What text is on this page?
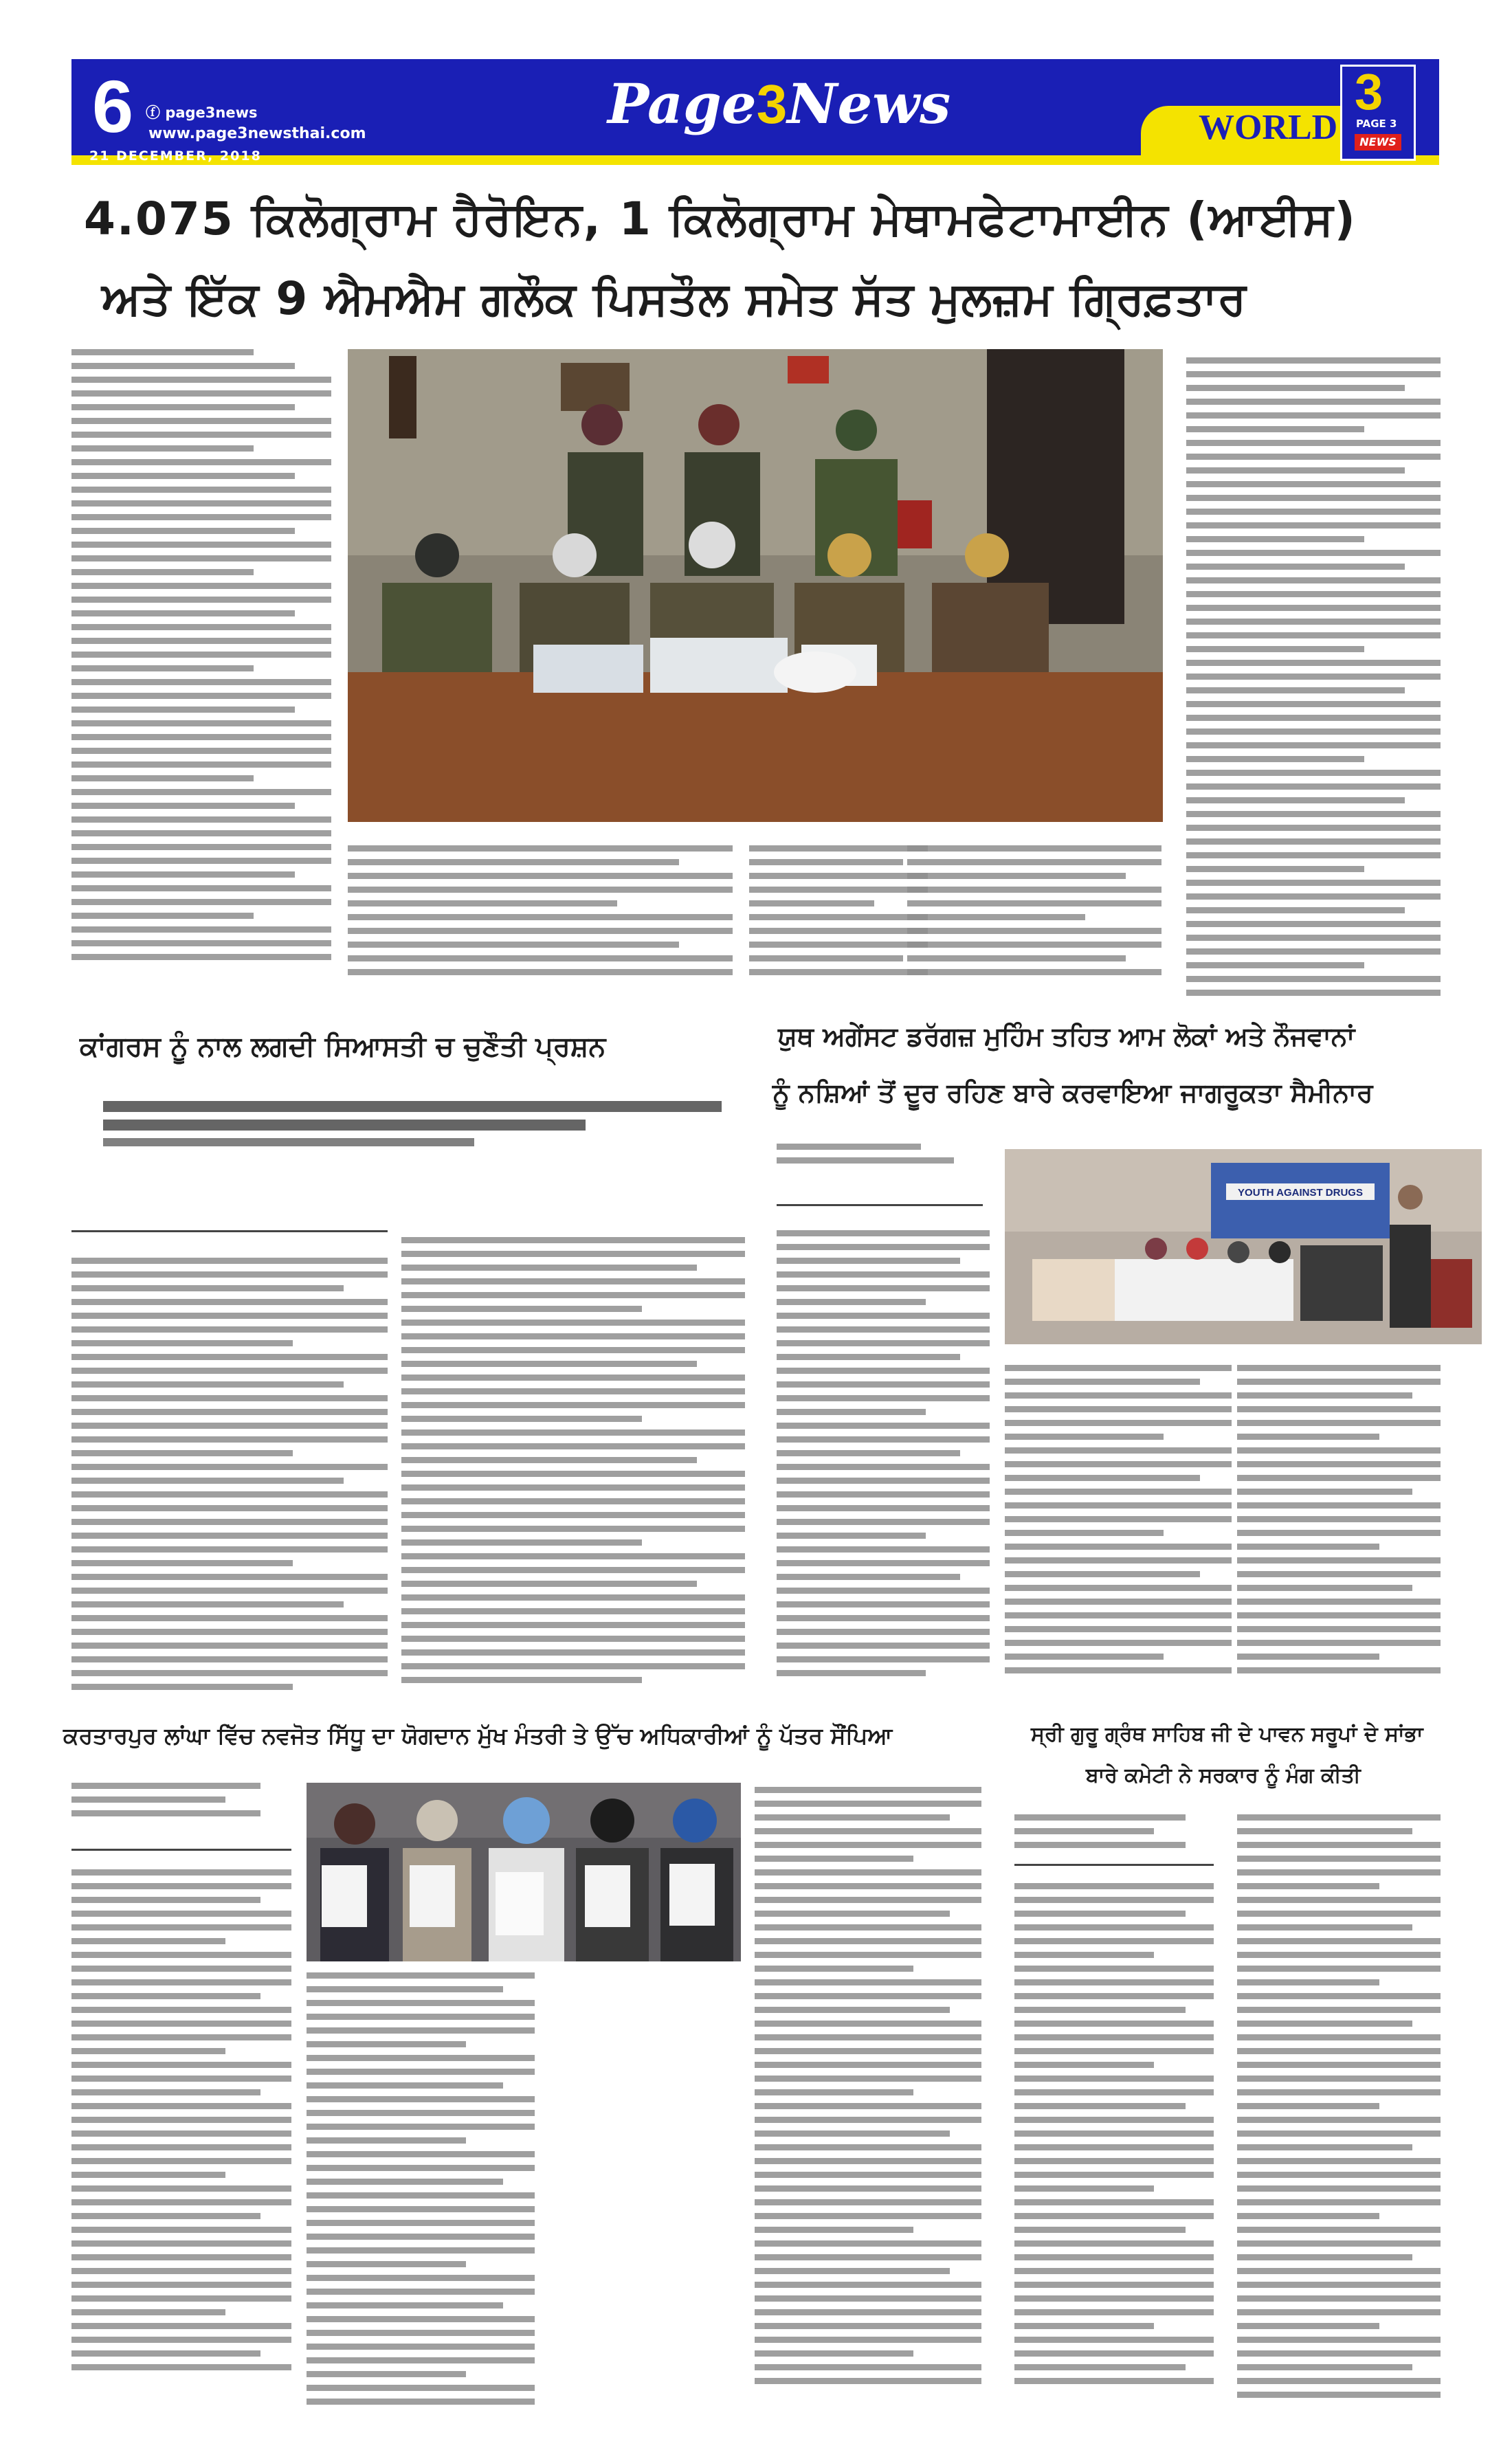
6 ⓕ page3news
www.page3newsthai.com
21 DECEMBER, 2018
Page3News	WORLD
3
PAGE 3
NEWS
4.075 ਕਿਲੋਗ੍ਰਾਮ ਹੈਰੋਇਨ, 1 ਕਿਲੋਗ੍ਰਾਮ ਮੇਥਾਮਫੇਟਾਮਾਈਨ (ਆਈਸ)
ਅਤੇ ਇੱਕ 9 ਐਮਐਮ ਗਲੌਕ ਪਿਸਤੌਲ ਸਮੇਤ ਸੱਤ ਮੁਲਜ਼ਮ ਗ੍ਰਿਫ਼ਤਾਰ
ਕਾਂਗਰਸ ਨੂੰ ਨਾਲ ਲਗਦੀ ਸਿਆਸਤੀ ਚ ਚੁਣੌਤੀ ਪ੍ਰਸ਼ਨ	ਯੁਥ ਅਗੇਂਸਟ ਡਰੱਗਜ਼ ਮੁਹਿੰਮ ਤਹਿਤ ਆਮ ਲੋਕਾਂ ਅਤੇ ਨੌਜਵਾਨਾਂ
ਨੂੰ ਨਸ਼ਿਆਂ ਤੋਂ ਦੂਰ ਰਹਿਣ ਬਾਰੇ ਕਰਵਾਇਆ ਜਾਗਰੂਕਤਾ ਸੈਮੀਨਾਰ
YOUTH AGAINST DRUGS
ਕਰਤਾਰਪੁਰ ਲਾਂਘਾ ਵਿੱਚ ਨਵਜੋਤ ਸਿੱਧੂ ਦਾ ਯੋਗਦਾਨ ਮੁੱਖ ਮੰਤਰੀ ਤੇ ਉੱਚ ਅਧਿਕਾਰੀਆਂ ਨੂੰ ਪੱਤਰ ਸੌਂਪਿਆ	ਸ੍ਰੀ ਗੁਰੂ ਗ੍ਰੰਥ ਸਾਹਿਬ ਜੀ ਦੇ ਪਾਵਨ ਸਰੂਪਾਂ ਦੇ ਸਾਂਭਾ
ਬਾਰੇ ਕਮੇਟੀ ਨੇ ਸਰਕਾਰ ਨੂੰ ਮੰਗ ਕੀਤੀ
